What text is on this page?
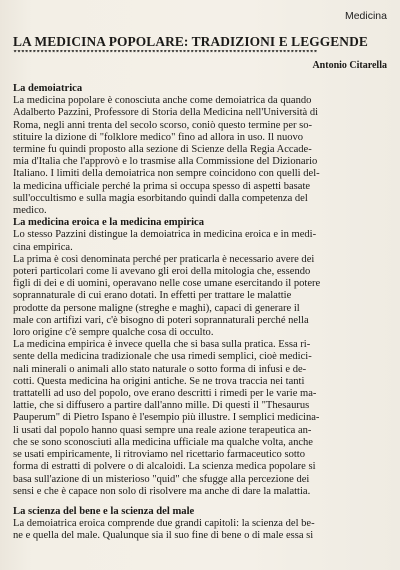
Medicina
LA MEDICINA POPOLARE: TRADIZIONI E LEGGENDE
*******************************************************************************
Antonio Citarella
La demoiatrica

La medicina popolare è conosciuta anche come demoiatrica da quando
Adalberto Pazzini, Professore di Storia della Medicina nell'Università di
Roma, negli anni trenta del secolo scorso, coniò questo termine per so-
stituire la dizione di "folklore medico" fino ad allora in uso. Il nuovo
termine fu quindi proposto alla sezione di Scienze della Regia Accade-
mia d'Italia che l'approvò e lo trasmise alla Commissione del Dizionario
Italiano. I limiti della demoiatrica non sempre coincidono con quelli del-
la medicina ufficiale perché la prima si occupa spesso di aspetti basate
sull'occultismo e sulla magia esorbitando quindi dalla competenza del
medico.

La medicina eroica e la medicina empirica

Lo stesso Pazzini distingue la demoiatrica in medicina eroica e in medi-
cina empirica.

La prima è così denominata perché per praticarla è necessario avere dei
poteri particolari come li avevano gli eroi della mitologia che, essendo
figli di dei e di uomini, operavano nelle cose umane esercitando il potere
soprannaturale di cui erano dotati. In effetti per trattare le malattie
prodotte da persone maligne (streghe e maghi), capaci di generare il
male con artifizi vari, c'è bisogno di poteri soprannaturali perché nella
loro origine c'è sempre qualche cosa di occulto.

La medicina empirica è invece quella che si basa sulla pratica. Essa ri-
sente della medicina tradizionale che usa rimedi semplici, cioè medici-
nali minerali o animali allo stato naturale o sotto forma di infusi e de-
cotti. Questa medicina ha origini antiche. Se ne trova traccia nei tanti
trattatelli ad uso del popolo, ove erano descritti i rimedi per le varie ma-
lattie, che si diffusero a partire dall'anno mille. Di questi il "Thesaurus
Pauperum" di Pietro Ispano è l'esempio più illustre. I semplici medicina-
li usati dal popolo hanno quasi sempre una reale azione terapeutica an-
che se sono sconosciuti alla medicina ufficiale ma qualche volta, anche
se usati empiricamente, li ritroviamo nel ricettario farmaceutico sotto
forma di estratti di polvere o di alcaloidi. La scienza medica popolare si
basa sull'azione di un misterioso "quid" che sfugge alla percezione dei
sensi e che è capace non solo di risolvere ma anche di dare la malattia.

La scienza del bene e la scienza del male

La demoiatrica eroica comprende due grandi capitoli: la scienza del be-
ne e quella del male. Qualunque sia il suo fine di bene o di male essa si
